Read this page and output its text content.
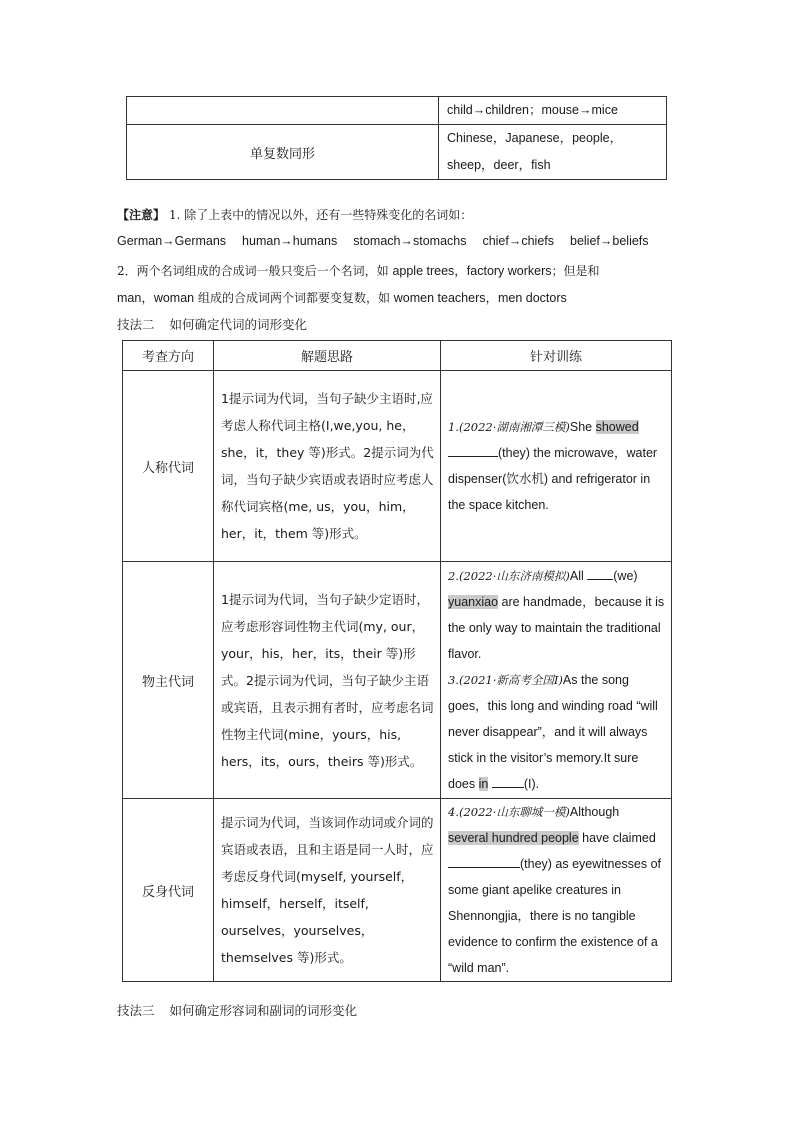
	child→children；mouse→mice
单复数同形	Chinese，Japanese，people，sheep，deer，fish
【注意】 1. 除了上表中的情况以外，还有一些特殊变化的名词如：
German→Germans human→humans stomach→stomachs chief→chiefs belief→beliefs
2．两个名词组成的合成词一般只变后一个名词，如 apple trees，factory workers；但是和
man，woman 组成的合成词两个词都要变复数，如 women teachers，men doctors
技法二 如何确定代词的词形变化
考查方向	解题思路	针对训练
人称代词	1提示词为代词，当句子缺少主语时,应考虑人称代词主格(I,we,you, he，she，it，they 等)形式。2提示词为代词，当句子缺少宾语或表语时应考虑人称代词宾格(me, us，you，him，her，it，them 等)形式。	1.(2022·湖南湘潭三模)She showed
(they) the microwave，water dispenser(饮水机) and refrigerator in the space kitchen.
物主代词	1提示词为代词，当句子缺少定语时，应考虑形容词性物主代词(my, our，your，his，her，its，their 等)形式。2提示词为代词，当句子缺少主语或宾语，且表示拥有者时，应考虑名词性物主代词(mine，yours，his, hers，its，ours，theirs 等)形式。	2.(2022·山东济南模拟)All (we)
yuanxiao are handmade，because it is the only way to maintain the traditional flavor.
3.(2021·新高考全国Ⅰ)As the song goes，this long and winding road “will never disappear”，and it will always stick in the visitor’s memory.It sure does in (I).
反身代词	提示词为代词，当该词作动词或介词的宾语或表语，且和主语是同一人时，应考虑反身代词(myself, yourself，himself，herself，itself, ourselves，yourselves，themselves 等)形式。	4.(2022·山东聊城一模)Although
several hundred people have claimed
(they) as eyewitnesses of some giant apelike creatures in Shennongjia，there is no tangible evidence to confirm the existence of a “wild man”.
技法三 如何确定形容词和副词的词形变化
